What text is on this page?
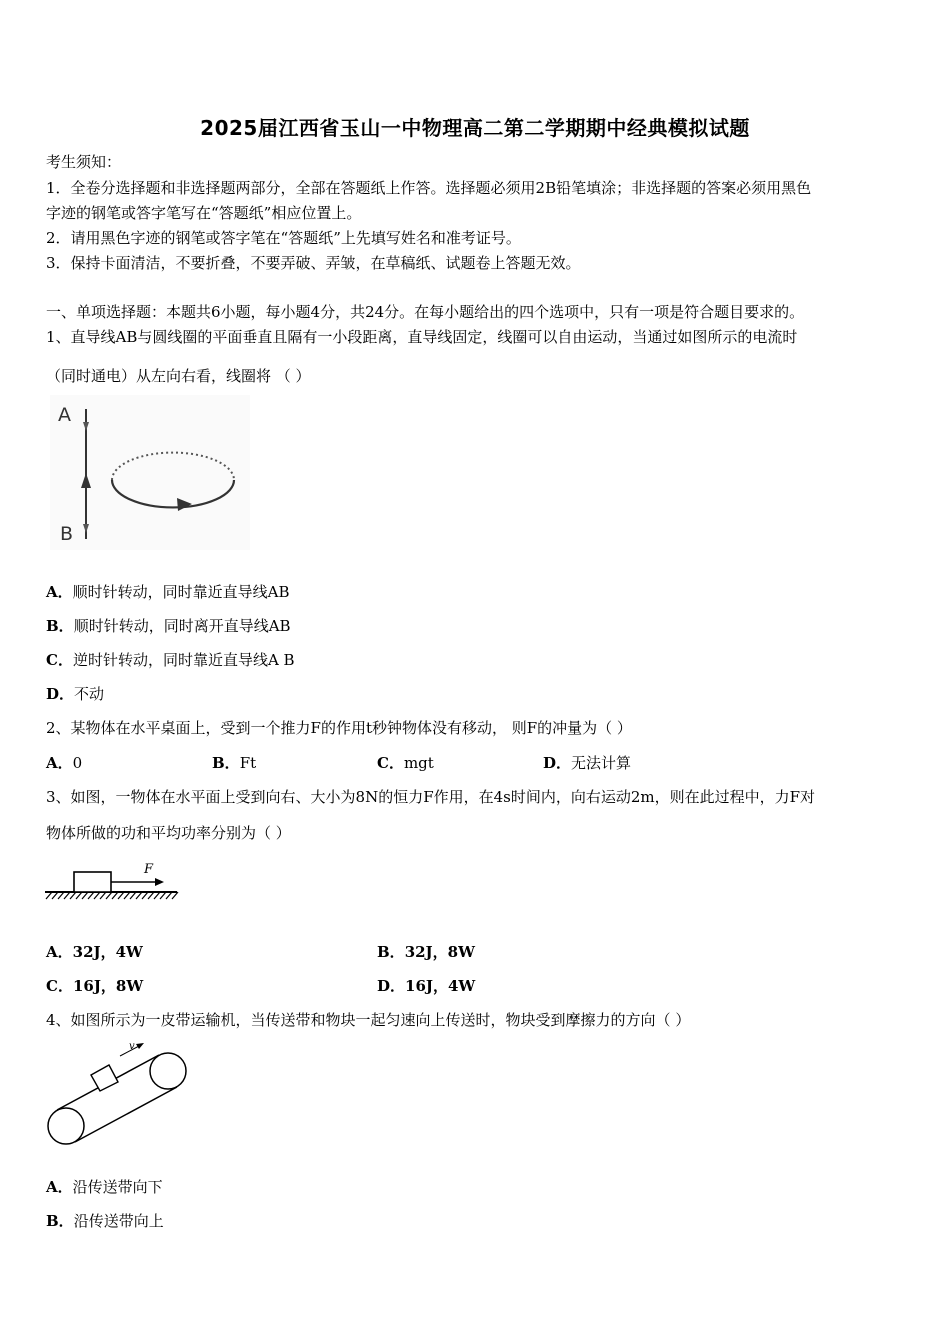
2025届江西省玉山一中物理高二第二学期期中经典模拟试题
考生须知：
1．全卷分选择题和非选择题两部分，全部在答题纸上作答。选择题必须用2B铅笔填涂；非选择题的答案必须用黑色
字迹的钢笔或答字笔写在“答题纸”相应位置上。
2．请用黑色字迹的钢笔或答字笔在“答题纸”上先填写姓名和准考证号。
3．保持卡面清洁，不要折叠，不要弄破、弄皱，在草稿纸、试题卷上答题无效。
一、单项选择题：本题共6小题，每小题4分，共24分。在每小题给出的四个选项中，只有一项是符合题目要求的。
1、直导线AB与圆线圈的平面垂直且隔有一小段距离，直导线固定，线圈可以自由运动，当通过如图所示的电流时
（同时通电）从左向右看，线圈将 （ ）
A
B
A．顺时针转动，同时靠近直导线AB
B．顺时针转动，同时离开直导线AB
C．逆时针转动，同时靠近直导线A B
D．不动
2、某物体在水平桌面上，受到一个推力F的作用t秒钟物体没有移动， 则F的冲量为（ ）
A．0	B．Ft	C．mgt	D．无法计算
3、如图，一物体在水平面上受到向右、大小为8N的恒力F作用，在4s时间内，向右运动2m，则在此过程中，力F对
物体所做的功和平均功率分别为（ ）
F
A．32J，4W	B．32J，8W
C．16J，8W	D．16J，4W
4、如图所示为一皮带运输机，当传送带和物块一起匀速向上传送时，物块受到摩擦力的方向（ ）
v
A．沿传送带向下
B．沿传送带向上
